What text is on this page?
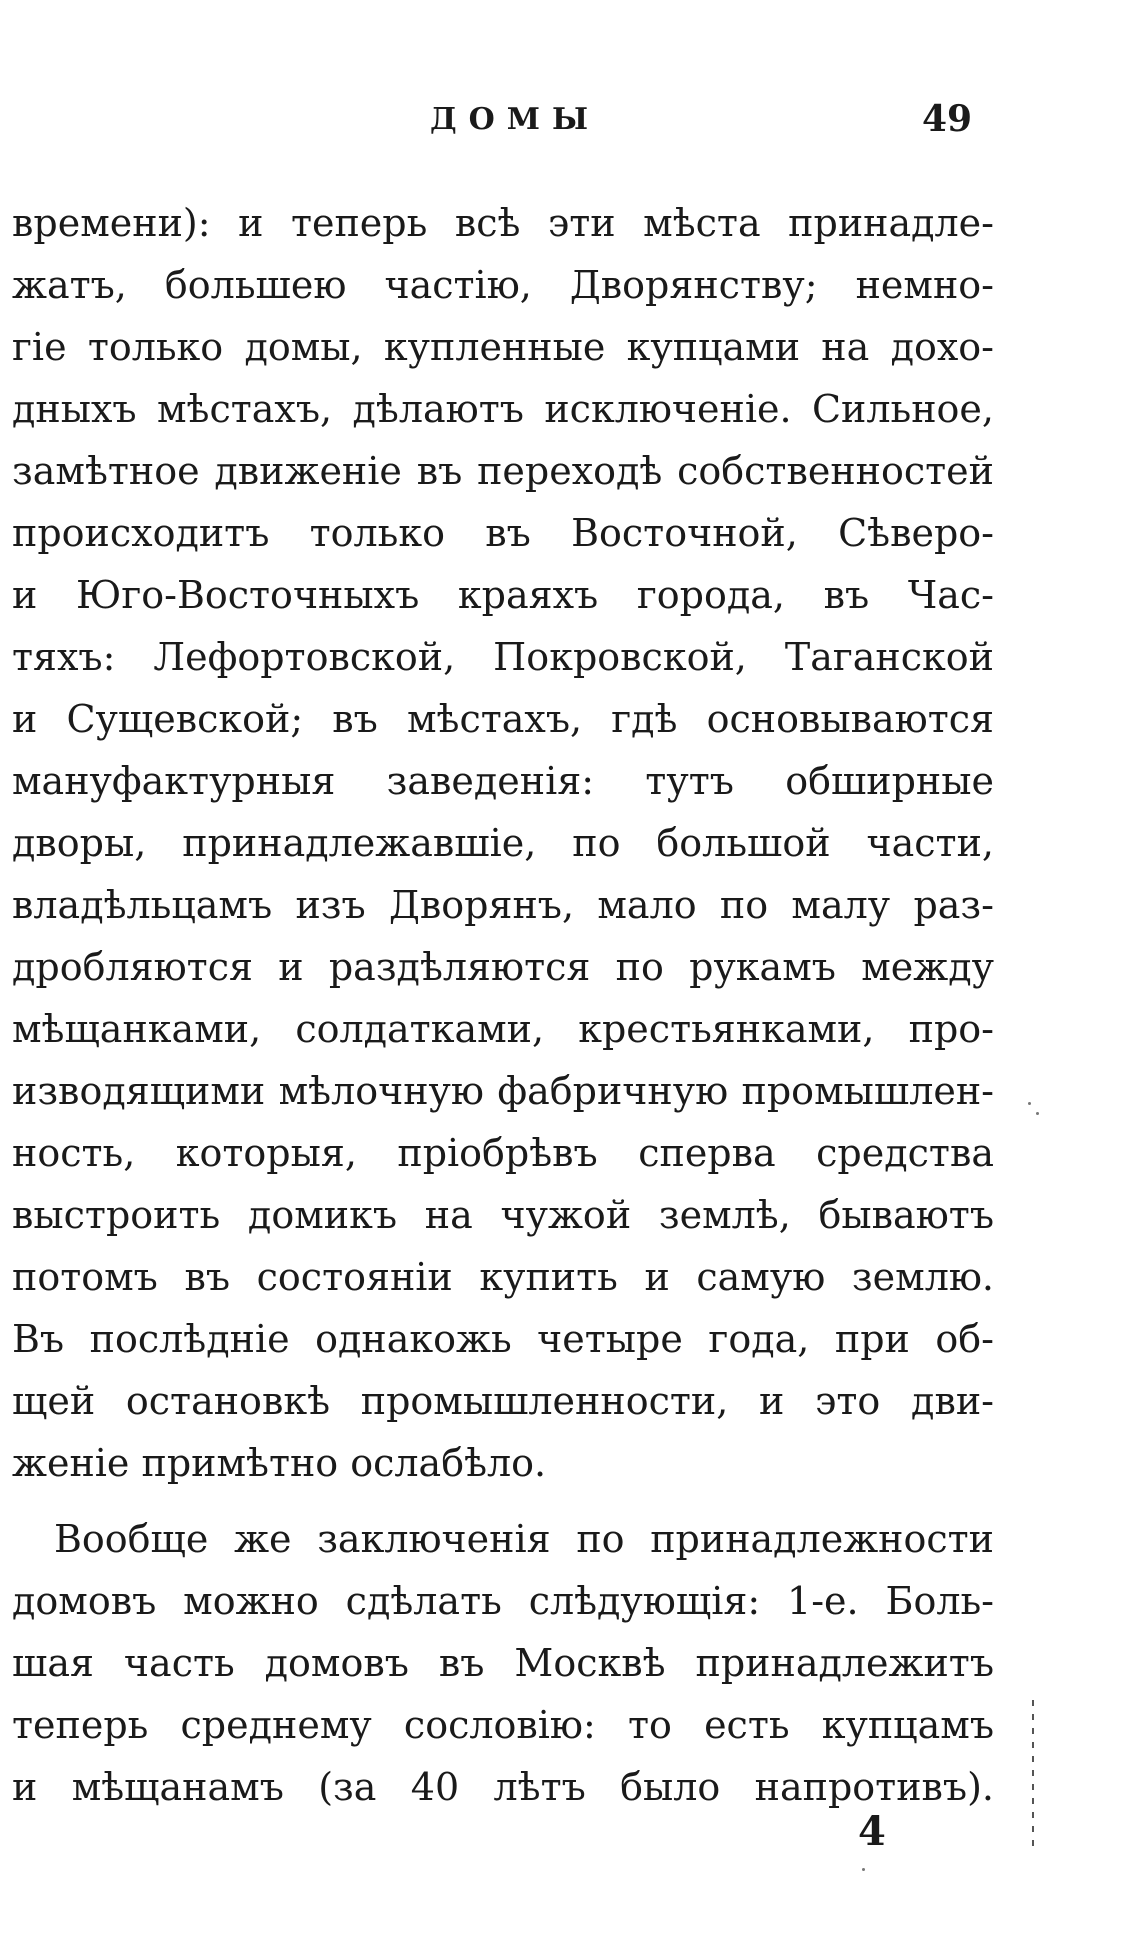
ДОМЫ	49
времени): и теперь всѣ эти мѣста принадле-
жатъ, большею частію, Дворянству; немно-
гіе только домы, купленные купцами на дохо-
дныхъ мѣстахъ, дѣлаютъ исключеніе. Сильное,
замѣтное движеніе въ переходѣ собственностей
происходитъ только въ Восточной, Сѣверо-
и Юго-Восточныхъ краяхъ города, въ Час-
тяхъ: Лефортовской, Покровской, Таганской
и Сущевской; въ мѣстахъ, гдѣ основываются
мануфактурныя заведенія: тутъ обширные
дворы, принадлежавшіе, по большой части,
владѣльцамъ изъ Дворянъ, мало по малу раз-
дробляются и раздѣляются по рукамъ между
мѣщанками, солдатками, крестьянками, про-
изводящими мѣлочную фабричную промышлен-
ность, которыя, пріобрѣвъ сперва средства
выстроить домикъ на чужой землѣ, бываютъ
потомъ въ состояніи купить и самую землю.
Въ послѣдніе однакожь четыре года, при об-
щей остановкѣ промышленности, и это дви-
женіе примѣтно ослабѣло.
Вообще же заключенія по принадлежности
домовъ можно сдѣлать слѣдующія: 1-е. Боль-
шая часть домовъ въ Москвѣ принадлежитъ
теперь среднему сословію: то есть купцамъ
и мѣщанамъ (за 40 лѣтъ было напротивъ).
4
